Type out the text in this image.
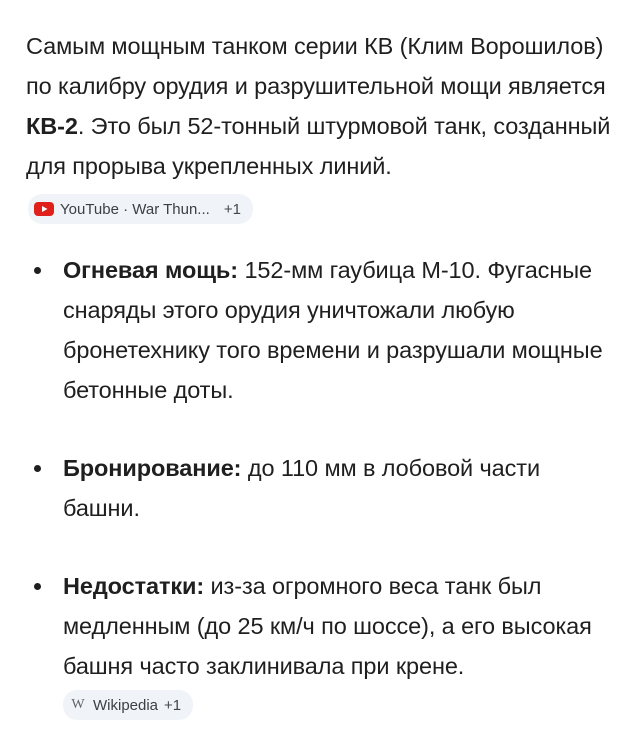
Самым мощным танком серии КВ (Клим Ворошилов) по калибру орудия и разрушительной мощи является КВ-2. Это был 52-тонный штурмовой танк, созданный для прорыва укрепленных линий.

YouTube · War Thun... +1
Огневая мощь: 152-мм гаубица М-10. Фугасные снаряды этого орудия уничтожали любую бронетехнику того времени и разрушали мощные бетонные доты.
Бронирование: до 110 мм в лобовой части башни.
Недостатки: из-за огромного веса танк был медленным (до 25 км/ч по шоссе), а его высокая башня часто заклинивала при крене.
W Wikipedia +1
